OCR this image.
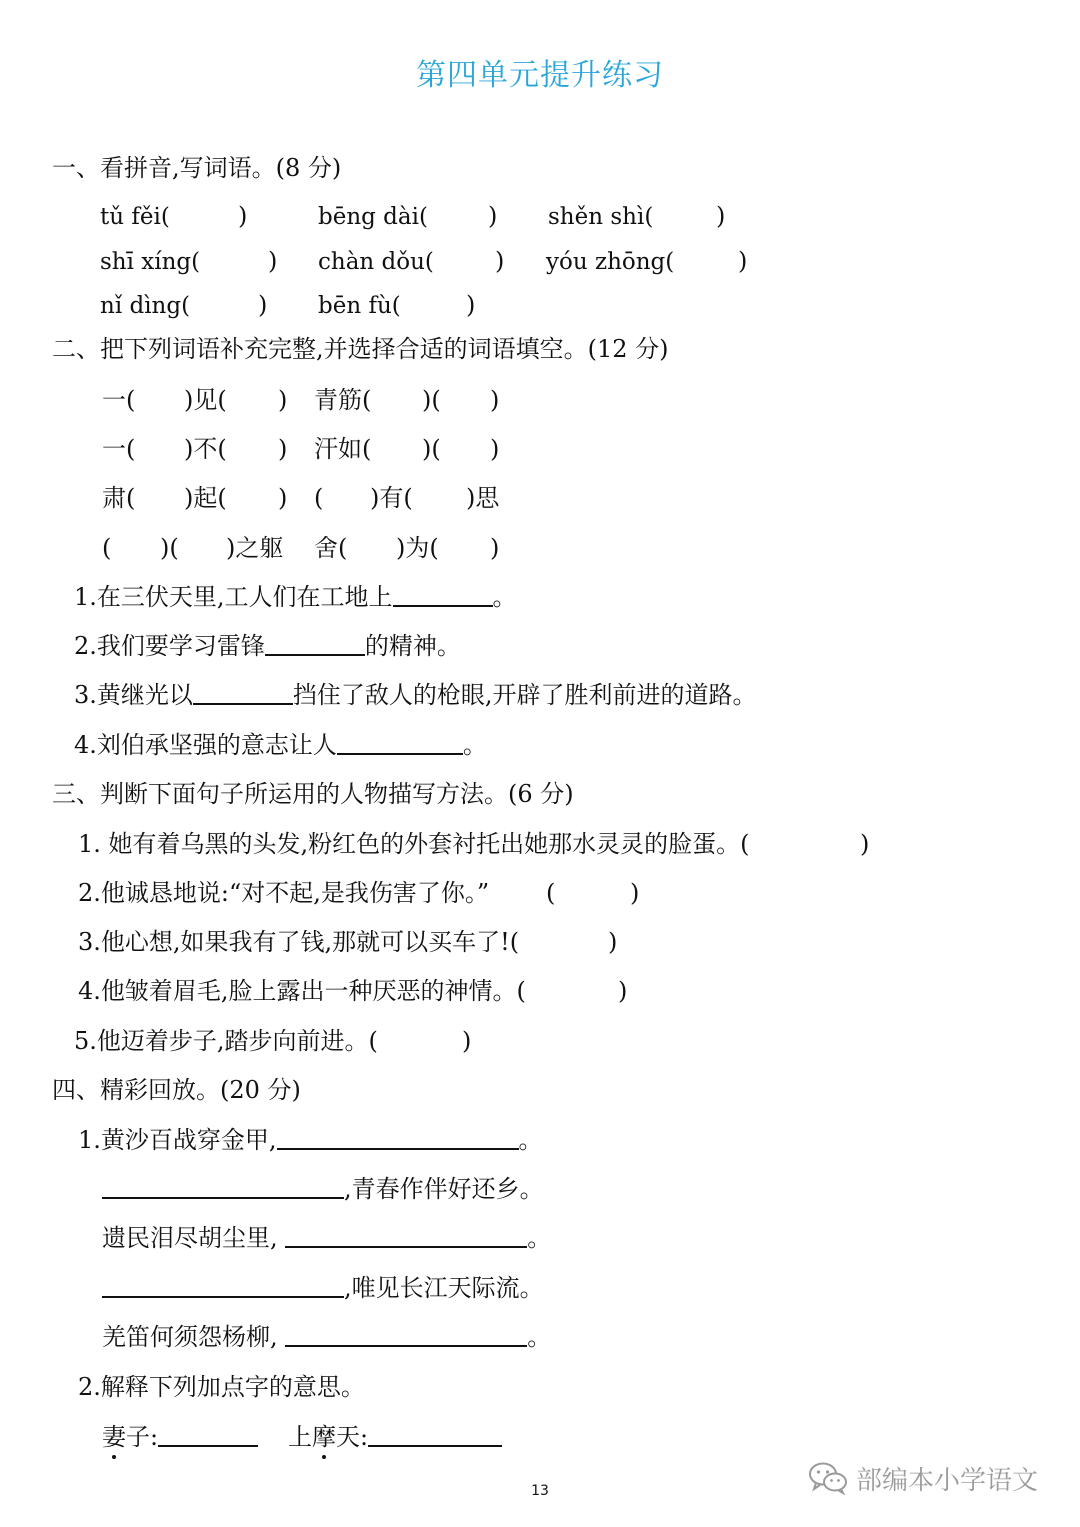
第四单元提升练习
一、看拼音,写词语。(8 分)
tǔ fěi(	)	bēng dài(	) shěn shì(	)
shī xíng(	) chàn dǒu(	) yóu zhōng(	)
nǐ dìng(	) bēn fù(	)
二、把下列词语补充完整,并选择合适的词语填空。(12 分)
一( )见( ) 青筋( )( )
一( )不( ) 汗如( )( )
肃( )起( ) ( )有( )思
( )( )之躯 舍( )为( )
1.在三伏天里,工人们在工地上	。
2.我们要学习雷锋	的精神。
3.黄继光以	挡住了敌人的枪眼,开辟了胜利前进的道路。
4.刘伯承坚强的意志让人	。
三、判断下面句子所运用的人物描写方法。(6 分)
1. 她有着乌黑的头发,粉红色的外套衬托出她那水灵灵的脸蛋。(	)
2.他诚恳地说:“对不起,是我伤害了你。” (	)
3.他心想,如果我有了钱,那就可以买车了!(	)
4.他皱着眉毛,脸上露出一种厌恶的神情。(	)
5.他迈着步子,踏步向前进。(	)
四、精彩回放。(20 分)
1.黄沙百战穿金甲,	。
,青春作伴好还乡。
遗民泪尽胡尘里,	。
,唯见长江天际流。
羌笛何须怨杨柳,	。
2.解释下列加点字的意思。
妻子:	上摩天:
13	部编本小学语文
